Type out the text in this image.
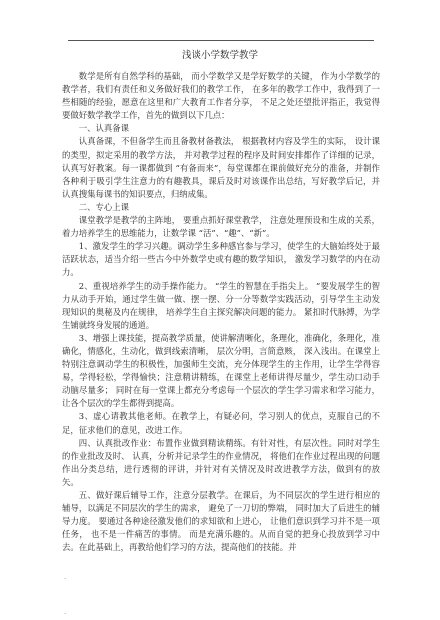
浅谈小学数学教学

数学是所有自然学科的基础， 而小学数学又是学好数学的关键， 作为小学数学的教学者，我们有责任和义务做好我们的教学工作， 在多年的教学工作中，我得到了一些相随的经验，愿意在这里和广大教育工作者分享， 不足之处还望批评指正，我觉得要做好数学教学工作，首先的做到以下几点：

一、认真备课

认真备课，不但备学生而且备教材备教法， 根据教材内容及学生的实际， 设计课的类型，拟定采用的教学方法， 并对教学过程的程序及时间安排都作了详细的记录，认真写好教案。每一课都做到 “有备而来”，每堂课都在课前做好充分的准备，并制作各种利于吸引学生注意力的有趣教具，课后及时对该课作出总结，写好教学后记，并认真搜集每课书的知识要点，归纳成集。

二、专心上课

课堂教学是教学的主阵地， 要重点抓好课堂教学， 注意处理预设和生成的关系，着力培养学生的思维能力，让数学课 “活”、“趣”、“新”。

1、激发学生的学习兴趣。调动学生多种感官参与学习，使学生的大脑始终处于最活跃状态，适当介绍一些古今中外数学史或有趣的数学知识， 激发学习数学的内在动力。

2、重视培养学生的动手操作能力。 “学生的智慧在手指尖上。 ”要发展学生的智力从动手开始，通过学生做一做、摆一摆、分一分等数学实践活动，引导学生主动发现知识的奥秘及内在规律， 培养学生自主探究解决问题的能力。 紧扣时代脉搏，为学生铺就终身发展的通道。

3、增强上课技能，提高教学质量，使讲解清晰化，条理化，准确化，条理化，准确化，情感化，生动化，做到线索清晰， 层次分明，言简意赅， 深入浅出。在课堂上特别注意调动学生的积极性，加强师生交流，充分体现学生的主作用，让学生学得容易，学得轻松，学得愉快；注意精讲精练，在课堂上老师讲得尽量少，学生动口动手动脑尽量多； 同时在每一堂课上都充分考虑每一个层次的学生学习需求和学习能力，让各个层次的学生都得到提高。

3、虚心请教其他老师。在教学上，有疑必问，学习别人的优点，克服自己的不足，征求他们的意见，改进工作。

四、认真批改作业：布置作业做到精读精练。有针对性，有层次性。同时对学生的作业批改及时、 认真，分析并记录学生的作业情况， 将他们在作业过程出现的问题作出分类总结，进行透彻的评讲，并针对有关情况及时改进教学方法，做到有的放矢。

五、做好课后辅导工作，注意分层教学。在课后，为不同层次的学生进行相应的辅导，以满足不同层次的学生的需求， 避免了一刀切的弊端， 同时加大了后进生的辅导力度。 要通过各种途径激发他们的求知欲和上进心， 让他们意识到学习并不是一项任务， 也不是一件痛苦的事情。 而是充满乐趣的。从而自觉的把身心投放到学习中去。在此基础上，再教给他们学习的方法，提高他们的技能。并

.
.
